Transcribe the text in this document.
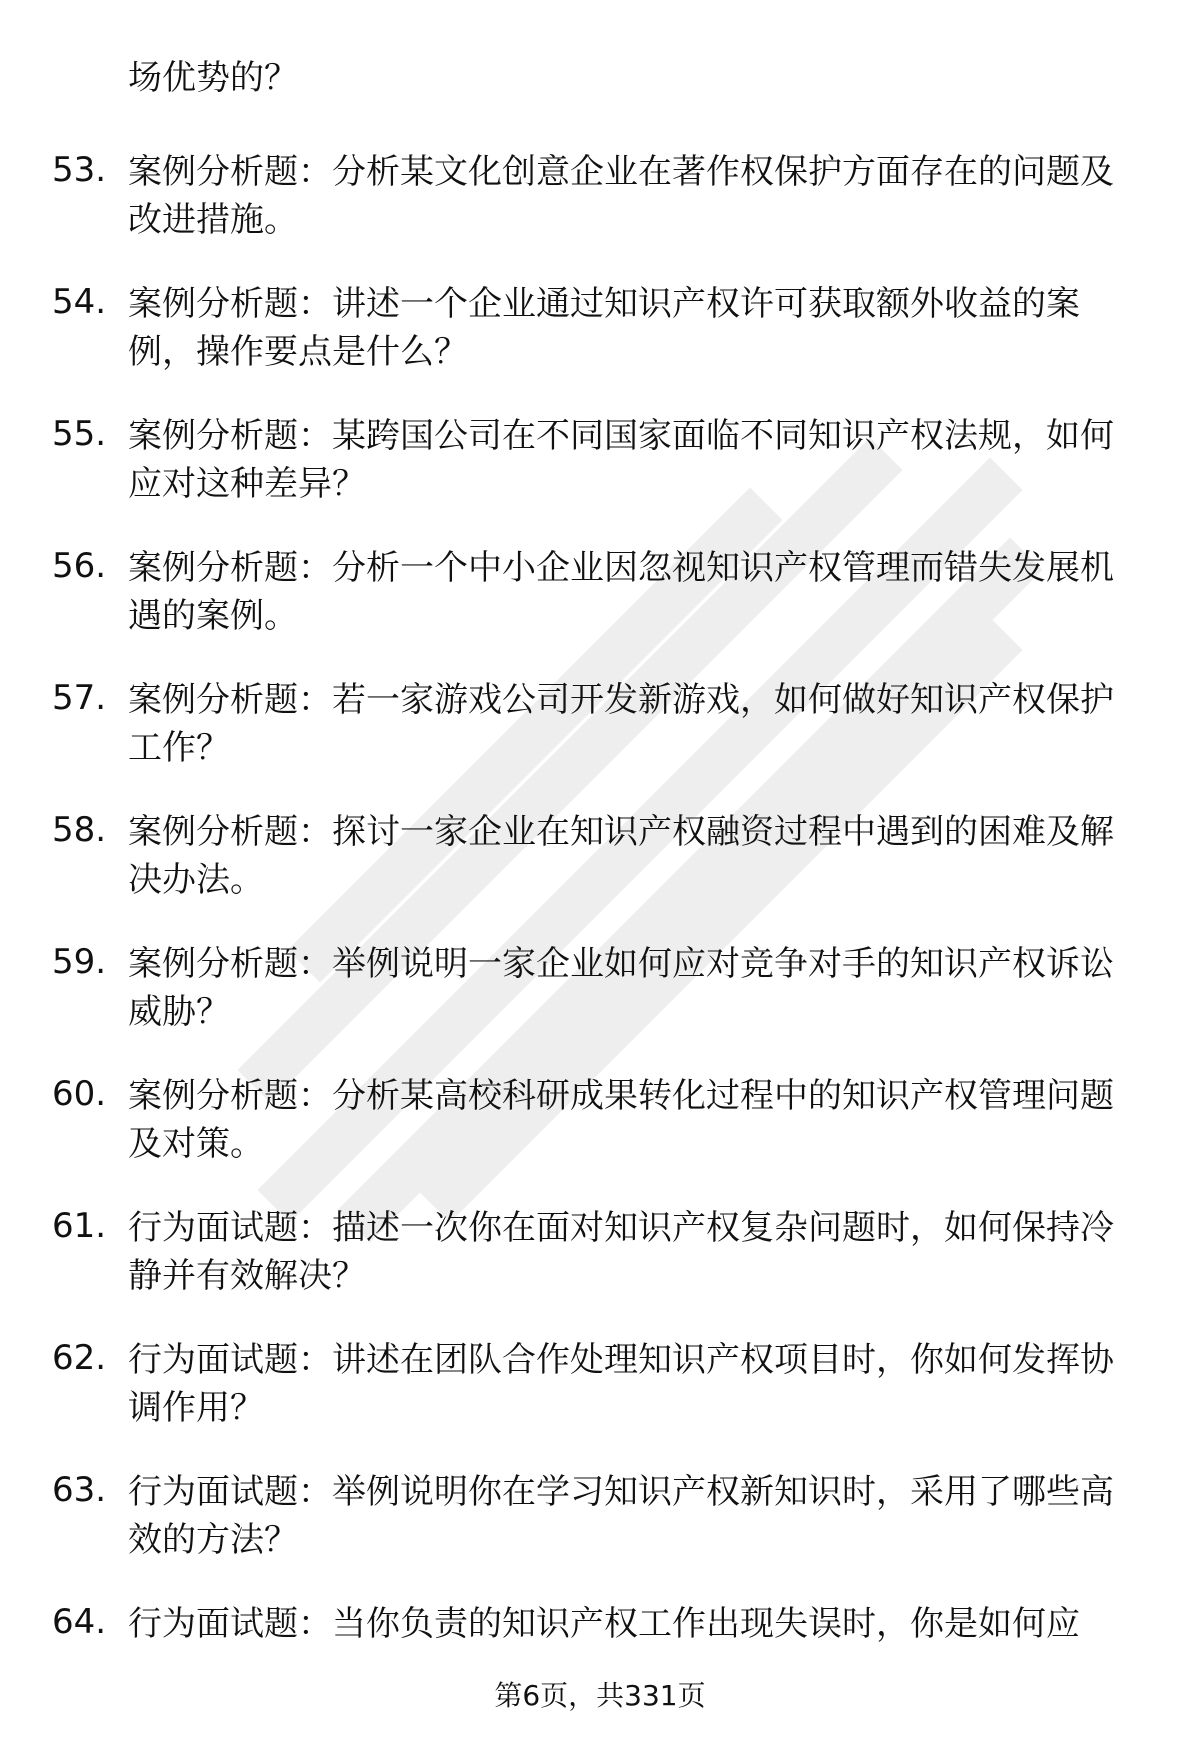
场优势的？

53. 案例分析题：分析某文化创意企业在著作权保护方面存在的问题及改进措施。

54. 案例分析题：讲述一个企业通过知识产权许可获取额外收益的案例，操作要点是什么？

55. 案例分析题：某跨国公司在不同国家面临不同知识产权法规，如何应对这种差异？

56. 案例分析题：分析一个中小企业因忽视知识产权管理而错失发展机遇的案例。

57. 案例分析题：若一家游戏公司开发新游戏，如何做好知识产权保护工作？

58. 案例分析题：探讨一家企业在知识产权融资过程中遇到的困难及解决办法。

59. 案例分析题：举例说明一家企业如何应对竞争对手的知识产权诉讼威胁？

60. 案例分析题：分析某高校科研成果转化过程中的知识产权管理问题及对策。

61. 行为面试题：描述一次你在面对知识产权复杂问题时，如何保持冷静并有效解决？

62. 行为面试题：讲述在团队合作处理知识产权项目时，你如何发挥协调作用？

63. 行为面试题：举例说明你在学习知识产权新知识时，采用了哪些高效的方法？

64. 行为面试题：当你负责的知识产权工作出现失误时，你是如何应

第6页，共331页
